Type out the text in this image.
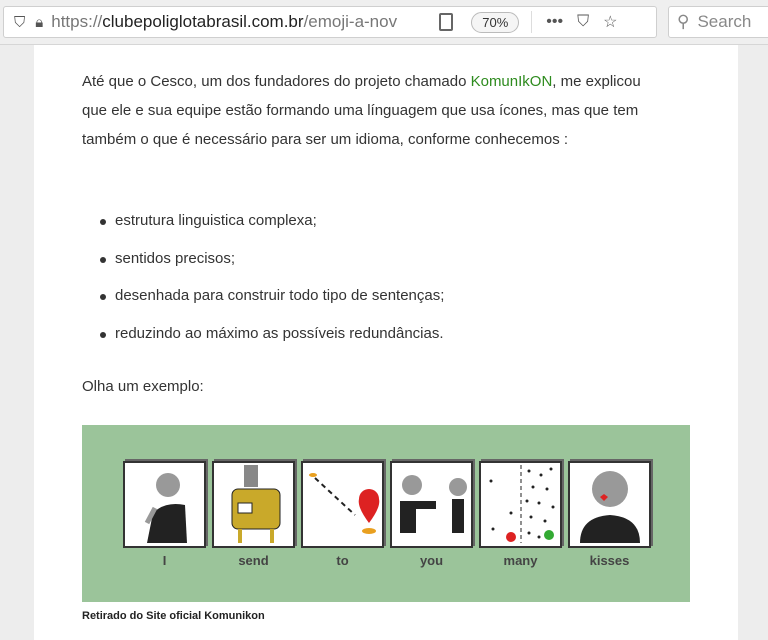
⛉ 🔒︎ https://clubepoliglotabrasil.com.br/emoji-a-nov	70%	••• ⛉ ☆	⚲ Search

Até que o Cesco, um dos fundadores do projeto chamado KomunIkON, me explicou que ele e sua equipe estão formando uma línguagem que usa ícones, mas que tem também o que é necessário para ser um idioma, conforme conhecemos :

estrutura linguistica complexa;
sentidos precisos;
desenhada para construir todo tipo de sentenças;
reduzindo ao máximo as possíveis redundâncias.

Olha um exemplo:

I	send	to	you	many	kisses
Retirado do Site oficial Komunikon
